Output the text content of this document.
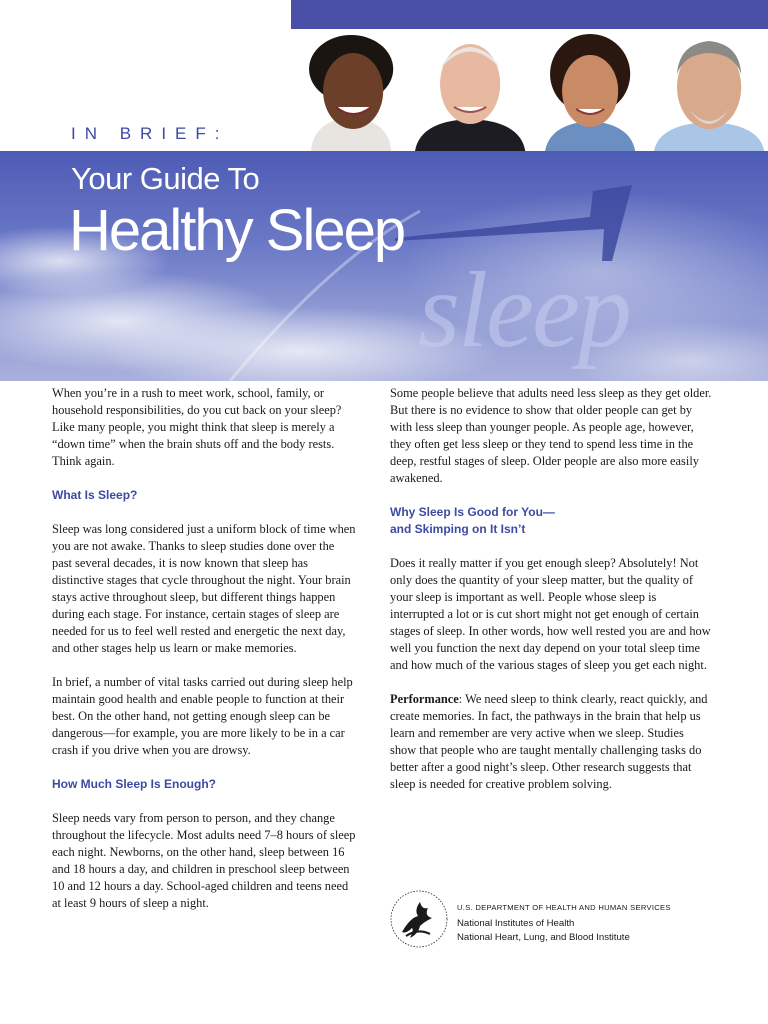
IN BRIEF:
sleep
Your Guide To
Healthy Sleep

When you’re in a rush to meet work, school, family, or household responsibilities, do you cut back on your sleep? Like many people, you might think that sleep is merely a “down time” when the brain shuts off and the body rests. Think again.

What Is Sleep?

Sleep was long considered just a uniform block of time when you are not awake. Thanks to sleep studies done over the past several decades, it is now known that sleep has distinctive stages that cycle throughout the night. Your brain stays active throughout sleep, but different things happen during each stage. For instance, certain stages of sleep are needed for us to feel well rested and energetic the next day, and other stages help us learn or make memories.

In brief, a number of vital tasks carried out during sleep help maintain good health and enable people to function at their best. On the other hand, not getting enough sleep can be dangerous—for example, you are more likely to be in a car crash if you drive when you are drowsy.

How Much Sleep Is Enough?

Sleep needs vary from person to person, and they change throughout the lifecycle. Most adults need 7–8 hours of sleep each night. Newborns, on the other hand, sleep between 16 and 18 hours a day, and children in preschool sleep between 10 and 12 hours a day. School-aged children and teens need at least 9 hours of sleep a night.

Some people believe that adults need less sleep as they get older. But there is no evidence to show that older people can get by with less sleep than younger people. As people age, however, they often get less sleep or they tend to spend less time in the deep, restful stages of sleep. Older people are also more easily awakened.

Why Sleep Is Good for You—
and Skimping on It Isn’t

Does it really matter if you get enough sleep? Absolutely! Not only does the quantity of your sleep matter, but the quality of your sleep is important as well. People whose sleep is interrupted a lot or is cut short might not get enough of certain stages of sleep. In other words, how well rested you are and how well you function the next day depend on your total sleep time and how much of the various stages of sleep you get each night.

Performance: We need sleep to think clearly, react quickly, and create memories. In fact, the pathways in the brain that help us learn and remember are very active when we sleep. Studies show that people who are taught mentally challenging tasks do better after a good night’s sleep. Other research suggests that sleep is needed for creative problem solving.

U.S. DEPARTMENT OF HEALTH AND HUMAN SERVICES
National Institutes of Health
National Heart, Lung, and Blood Institute
